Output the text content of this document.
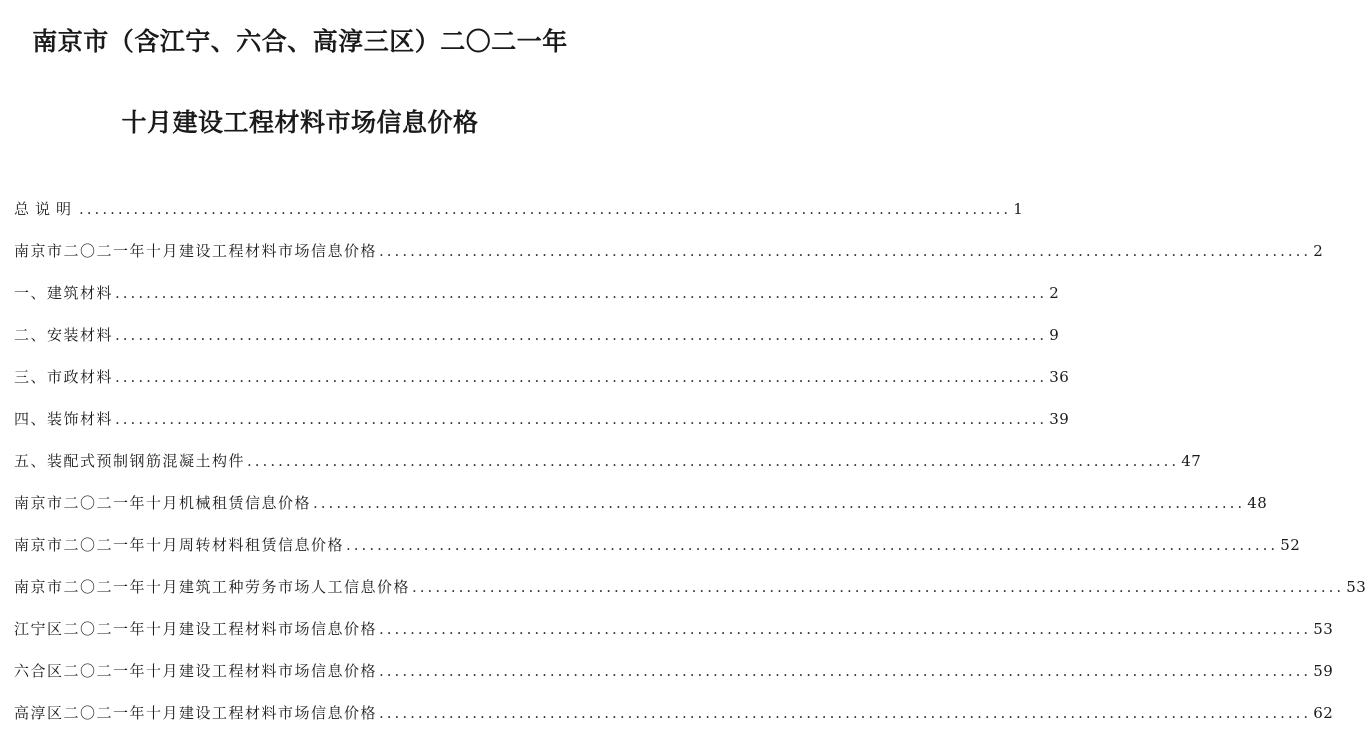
南京市（含江宁、六合、高淳三区）二〇二一年
十月建设工程材料市场信息价格
总说明 ........................................................................................................................ 1
南京市二〇二一年十月建设工程材料市场信息价格 ........................................................................................................................ 2
一、建筑材料 ........................................................................................................................ 2
二、安装材料 ........................................................................................................................ 9
三、市政材料 ........................................................................................................................ 36
四、装饰材料 ........................................................................................................................ 39
五、装配式预制钢筋混凝土构件 ........................................................................................................................ 47
南京市二〇二一年十月机械租赁信息价格 ........................................................................................................................ 48
南京市二〇二一年十月周转材料租赁信息价格 ........................................................................................................................ 52
南京市二〇二一年十月建筑工种劳务市场人工信息价格 ........................................................................................................................ 53
江宁区二〇二一年十月建设工程材料市场信息价格 ........................................................................................................................ 53
六合区二〇二一年十月建设工程材料市场信息价格 ........................................................................................................................ 59
高淳区二〇二一年十月建设工程材料市场信息价格 ........................................................................................................................ 62
